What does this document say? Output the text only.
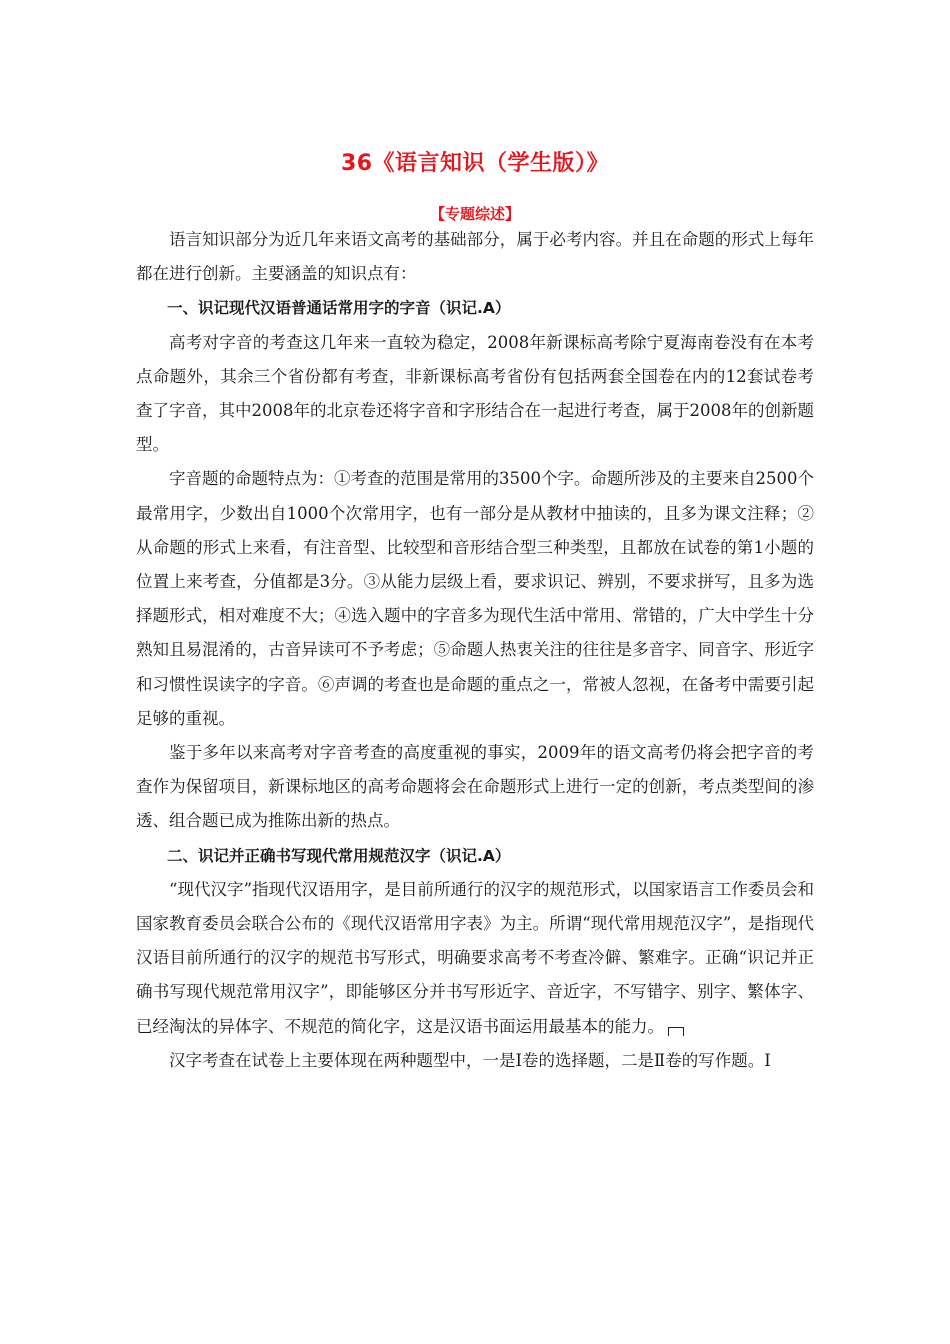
36《语言知识（学生版）》
【专题综述】

语言知识部分为近几年来语文高考的基础部分，属于必考内容。并且在命题的形式上每年都在进行创新。主要涵盖的知识点有：

一、识记现代汉语普通话常用字的字音（识记.A）

高考对字音的考查这几年来一直较为稳定，2008年新课标高考除宁夏海南卷没有在本考点命题外，其余三个省份都有考查，非新课标高考省份有包括两套全国卷在内的12套试卷考查了字音，其中2008年的北京卷还将字音和字形结合在一起进行考查，属于2008年的创新题型。

字音题的命题特点为：①考查的范围是常用的3500个字。命题所涉及的主要来自2500个最常用字，少数出自1000个次常用字，也有一部分是从教材中抽读的，且多为课文注释；②从命题的形式上来看，有注音型、比较型和音形结合型三种类型，且都放在试卷的第1小题的位置上来考查，分值都是3分。③从能力层级上看，要求识记、辨别，不要求拼写，且多为选择题形式，相对难度不大；④选入题中的字音多为现代生活中常用、常错的，广大中学生十分熟知且易混淆的，古音异读可不予考虑；⑤命题人热衷关注的往往是多音字、同音字、形近字和习惯性误读字的字音。⑥声调的考查也是命题的重点之一，常被人忽视，在备考中需要引起足够的重视。

鉴于多年以来高考对字音考查的高度重视的事实，2009年的语文高考仍将会把字音的考查作为保留项目，新课标地区的高考命题将会在命题形式上进行一定的创新，考点类型间的渗透、组合题已成为推陈出新的热点。

二、识记并正确书写现代常用规范汉字（识记.A）

“现代汉字”指现代汉语用字，是目前所通行的汉字的规范形式，以国家语言工作委员会和国家教育委员会联合公布的《现代汉语常用字表》为主。所谓“现代常用规范汉字”，是指现代汉语目前所通行的汉字的规范书写形式，明确要求高考不考查冷僻、繁难字。正确“识记并正确书写现代规范常用汉字”，即能够区分并书写形近字、音近字，不写错字、别字、繁体字、已经淘汰的异体字、不规范的简化字，这是汉语书面运用最基本的能力。

汉字考查在试卷上主要体现在两种题型中，一是Ⅰ卷的选择题，二是Ⅱ卷的写作题。Ⅰ
